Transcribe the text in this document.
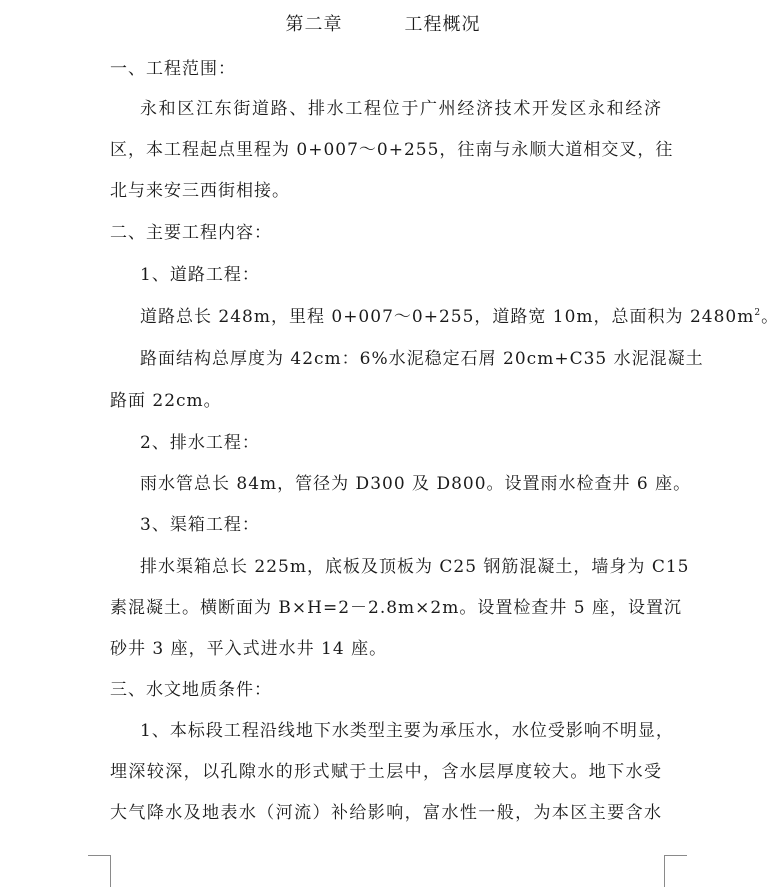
第二章	工程概况
一、工程范围：
永和区江东街道路、排水工程位于广州经济技术开发区永和经济
区，本工程起点里程为 0+007～0+255，往南与永顺大道相交叉，往
北与来安三西街相接。
二、主要工程内容：
1、道路工程：
道路总长 248m，里程 0+007～0+255，道路宽 10m，总面积为 $2480m^2$。
路面结构总厚度为 42cm：6%水泥稳定石屑 20cm+C35 水泥混凝土
路面 22cm。
2、排水工程：
雨水管总长 84m，管径为 D300 及 D800。设置雨水检查井 6 座。
3、渠箱工程：
排水渠箱总长 225m，底板及顶板为 C25 钢筋混凝土，墙身为 C15
素混凝土。横断面为 B×H=2－2.8m×2m。设置检查井 5 座，设置沉
砂井 3 座，平入式进水井 14 座。
三、水文地质条件：
1、本标段工程沿线地下水类型主要为承压水，水位受影响不明显，
埋深较深，以孔隙水的形式赋于土层中，含水层厚度较大。地下水受
大气降水及地表水（河流）补给影响，富水性一般，为本区主要含水
